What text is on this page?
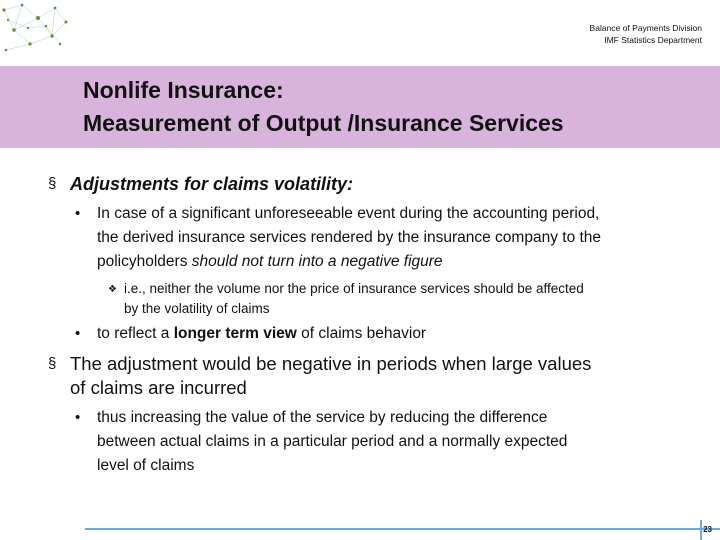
Balance of Payments Division
IMF Statistics Department
Nonlife Insurance:
Measurement of Output /Insurance Services
§ Adjustments for claims volatility:
• In case of a significant unforeseeable event during the accounting period,
the derived insurance services rendered by the insurance company to the
policyholders should not turn into a negative figure
❖ i.e., neither the volume nor the price of insurance services should be affected
by the volatility of claims
• to reflect a longer term view of claims behavior
§ The adjustment would be negative in periods when large values
of claims are incurred
• thus increasing the value of the service by reducing the difference
between actual claims in a particular period and a normally expected
level of claims
23
